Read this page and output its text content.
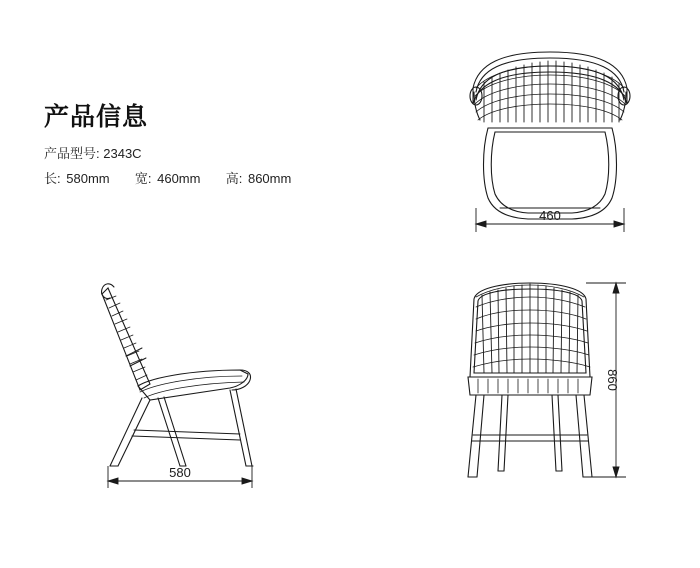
产品信息
产品型号: 2343C
长: 580mm 宽: 460mm 高: 860mm
460
580
860
